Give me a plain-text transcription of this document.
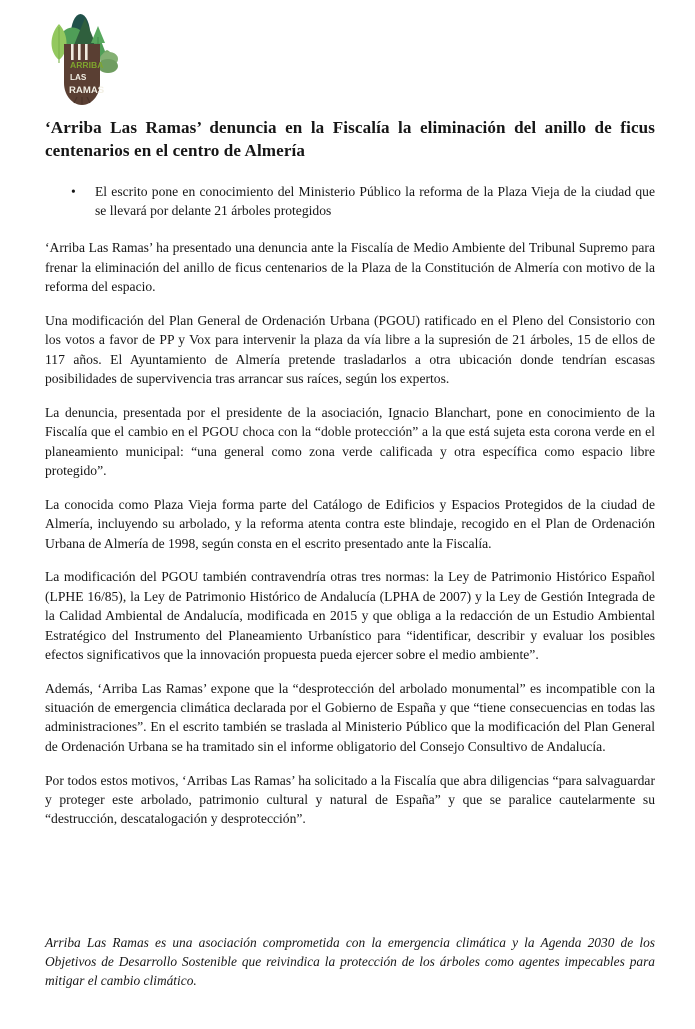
ARRIBA
LAS
RAMAS
‘Arriba Las Ramas’ denuncia en la Fiscalía la eliminación del anillo de ficus centenarios en el centro de Almería
• El escrito pone en conocimiento del Ministerio Público la reforma de la Plaza Vieja de la ciudad que se llevará por delante 21 árboles protegidos

‘Arriba Las Ramas’ ha presentado una denuncia ante la Fiscalía de Medio Ambiente del Tribunal Supremo para frenar la eliminación del anillo de ficus centenarios de la Plaza de la Constitución de Almería con motivo de la reforma del espacio.

Una modificación del Plan General de Ordenación Urbana (PGOU) ratificado en el Pleno del Consistorio con los votos a favor de PP y Vox para intervenir la plaza da vía libre a la supresión de 21 árboles, 15 de ellos de 117 años. El Ayuntamiento de Almería pretende trasladarlos a otra ubicación donde tendrían escasas posibilidades de supervivencia tras arrancar sus raíces, según los expertos.

La denuncia, presentada por el presidente de la asociación, Ignacio Blanchart, pone en conocimiento de la Fiscalía que el cambio en el PGOU choca con la “doble protección” a la que está sujeta esta corona verde en el planeamiento municipal: “una general como zona verde calificada y otra específica como espacio libre protegido”.

La conocida como Plaza Vieja forma parte del Catálogo de Edificios y Espacios Protegidos de la ciudad de Almería, incluyendo su arbolado, y la reforma atenta contra este blindaje, recogido en el Plan de Ordenación Urbana de Almería de 1998, según consta en el escrito presentado ante la Fiscalía.

La modificación del PGOU también contravendría otras tres normas: la Ley de Patrimonio Histórico Español (LPHE 16/85), la Ley de Patrimonio Histórico de Andalucía (LPHA de 2007) y la Ley de Gestión Integrada de la Calidad Ambiental de Andalucía, modificada en 2015 y que obliga a la redacción de un Estudio Ambiental Estratégico del Instrumento del Planeamiento Urbanístico para “identificar, describir y evaluar los posibles efectos significativos que la innovación propuesta pueda ejercer sobre el medio ambiente”.

Además, ‘Arriba Las Ramas’ expone que la “desprotección del arbolado monumental” es incompatible con la situación de emergencia climática declarada por el Gobierno de España y que “tiene consecuencias en todas las administraciones”. En el escrito también se traslada al Ministerio Público que la modificación del Plan General de Ordenación Urbana se ha tramitado sin el informe obligatorio del Consejo Consultivo de Andalucía.

Por todos estos motivos, ‘Arribas Las Ramas’ ha solicitado a la Fiscalía que abra diligencias “para salvaguardar y proteger este arbolado, patrimonio cultural y natural de España” y que se paralice cautelarmente su “destrucción, descatalogación y desprotección”.

Arriba Las Ramas es una asociación comprometida con la emergencia climática y la Agenda 2030 de los Objetivos de Desarrollo Sostenible que reivindica la protección de los árboles como agentes impecables para mitigar el cambio climático.
